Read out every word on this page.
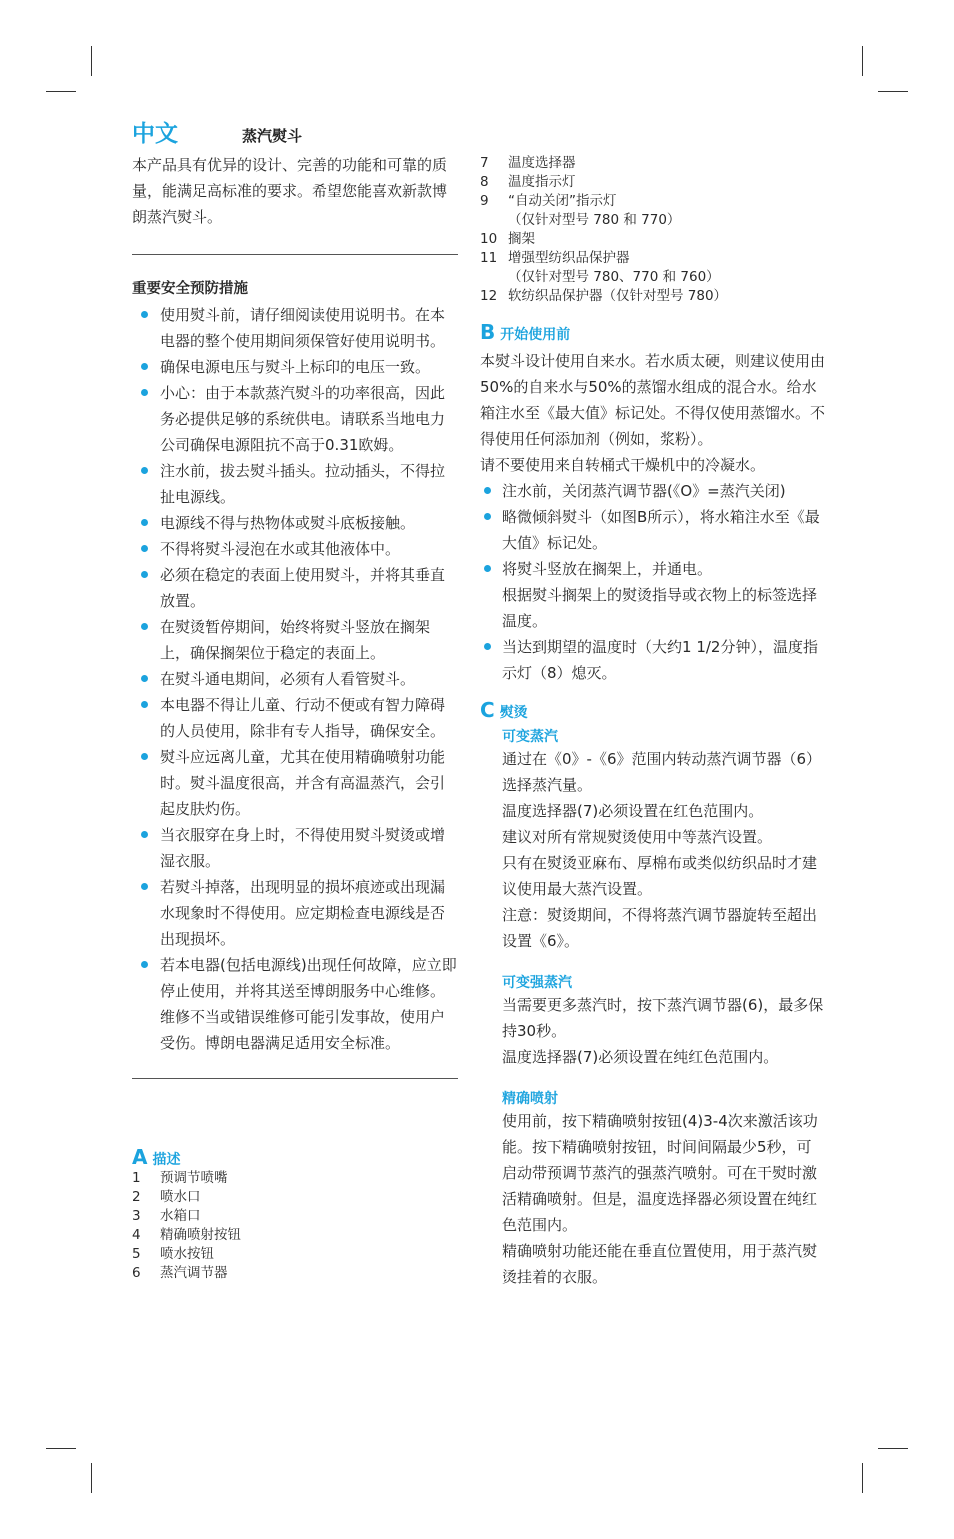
中文	蒸汽熨斗
本产品具有优异的设计、完善的功能和可靠的质量，能满足高标准的要求。希望您能喜欢新款博朗蒸汽熨斗。
重要安全预防措施
使用熨斗前，请仔细阅读使用说明书。在本电器的整个使用期间须保管好使用说明书。
确保电源电压与熨斗上标印的电压一致。
小心：由于本款蒸汽熨斗的功率很高，因此务必提供足够的系统供电。请联系当地电力公司确保电源阻抗不高于0.31欧姆。
注水前，拔去熨斗插头。拉动插头，不得拉扯电源线。
电源线不得与热物体或熨斗底板接触。
不得将熨斗浸泡在水或其他液体中。
必须在稳定的表面上使用熨斗，并将其垂直放置。
在熨烫暂停期间，始终将熨斗竖放在搁架上，确保搁架位于稳定的表面上。
在熨斗通电期间，必须有人看管熨斗。
本电器不得让儿童、行动不便或有智力障碍的人员使用，除非有专人指导，确保安全。
熨斗应远离儿童，尤其在使用精确喷射功能时。熨斗温度很高，并含有高温蒸汽，会引起皮肤灼伤。
当衣服穿在身上时，不得使用熨斗熨烫或增湿衣服。
若熨斗掉落，出现明显的损坏痕迹或出现漏水现象时不得使用。应定期检查电源线是否出现损坏。
若本电器(包括电源线)出现任何故障，应立即停止使用，并将其送至博朗服务中心维修。维修不当或错误维修可能引发事故，使用户受伤。博朗电器满足适用安全标准。
A 描述
1	预调节喷嘴
2	喷水口
3	水箱口
4	精确喷射按钮
5	喷水按钮
6	蒸汽调节器
7	温度选择器
8	温度指示灯
9	“自动关闭”指示灯
（仅针对型号 780 和 770）
10 搁架
11 增强型纺织品保护器
（仅针对型号 780、770 和 760）
12 软纺织品保护器（仅针对型号 780）
B 开始使用前
本熨斗设计使用自来水。若水质太硬，则建议使用由50%的自来水与50%的蒸馏水组成的混合水。给水箱注水至《最大值》标记处。不得仅使用蒸馏水。不得使用任何添加剂（例如，浆粉）。
请不要使用来自转桶式干燥机中的冷凝水。
注水前，关闭蒸汽调节器(《O》=蒸汽关闭)
略微倾斜熨斗（如图B所示），将水箱注水至《最大值》标记处。
将熨斗竖放在搁架上，并通电。
根据熨斗搁架上的熨烫指导或衣物上的标签选择温度。
当达到期望的温度时（大约1 1/2分钟），温度指示灯（8）熄灭。
C 熨烫
可变蒸汽
通过在《0》-《6》范围内转动蒸汽调节器（6）选择蒸汽量。
温度选择器(7)必须设置在红色范围内。
建议对所有常规熨烫使用中等蒸汽设置。
只有在熨烫亚麻布、厚棉布或类似纺织品时才建议使用最大蒸汽设置。
注意：熨烫期间，不得将蒸汽调节器旋转至超出设置《6》。
可变强蒸汽
当需要更多蒸汽时，按下蒸汽调节器(6)，最多保持30秒。
温度选择器(7)必须设置在纯红色范围内。
精确喷射
使用前，按下精确喷射按钮(4)3-4次来激活该功能。按下精确喷射按钮，时间间隔最少5秒，可启动带预调节蒸汽的强蒸汽喷射。可在干熨时激活精确喷射。但是，温度选择器必须设置在纯红色范围内。
精确喷射功能还能在垂直位置使用，用于蒸汽熨烫挂着的衣服。
